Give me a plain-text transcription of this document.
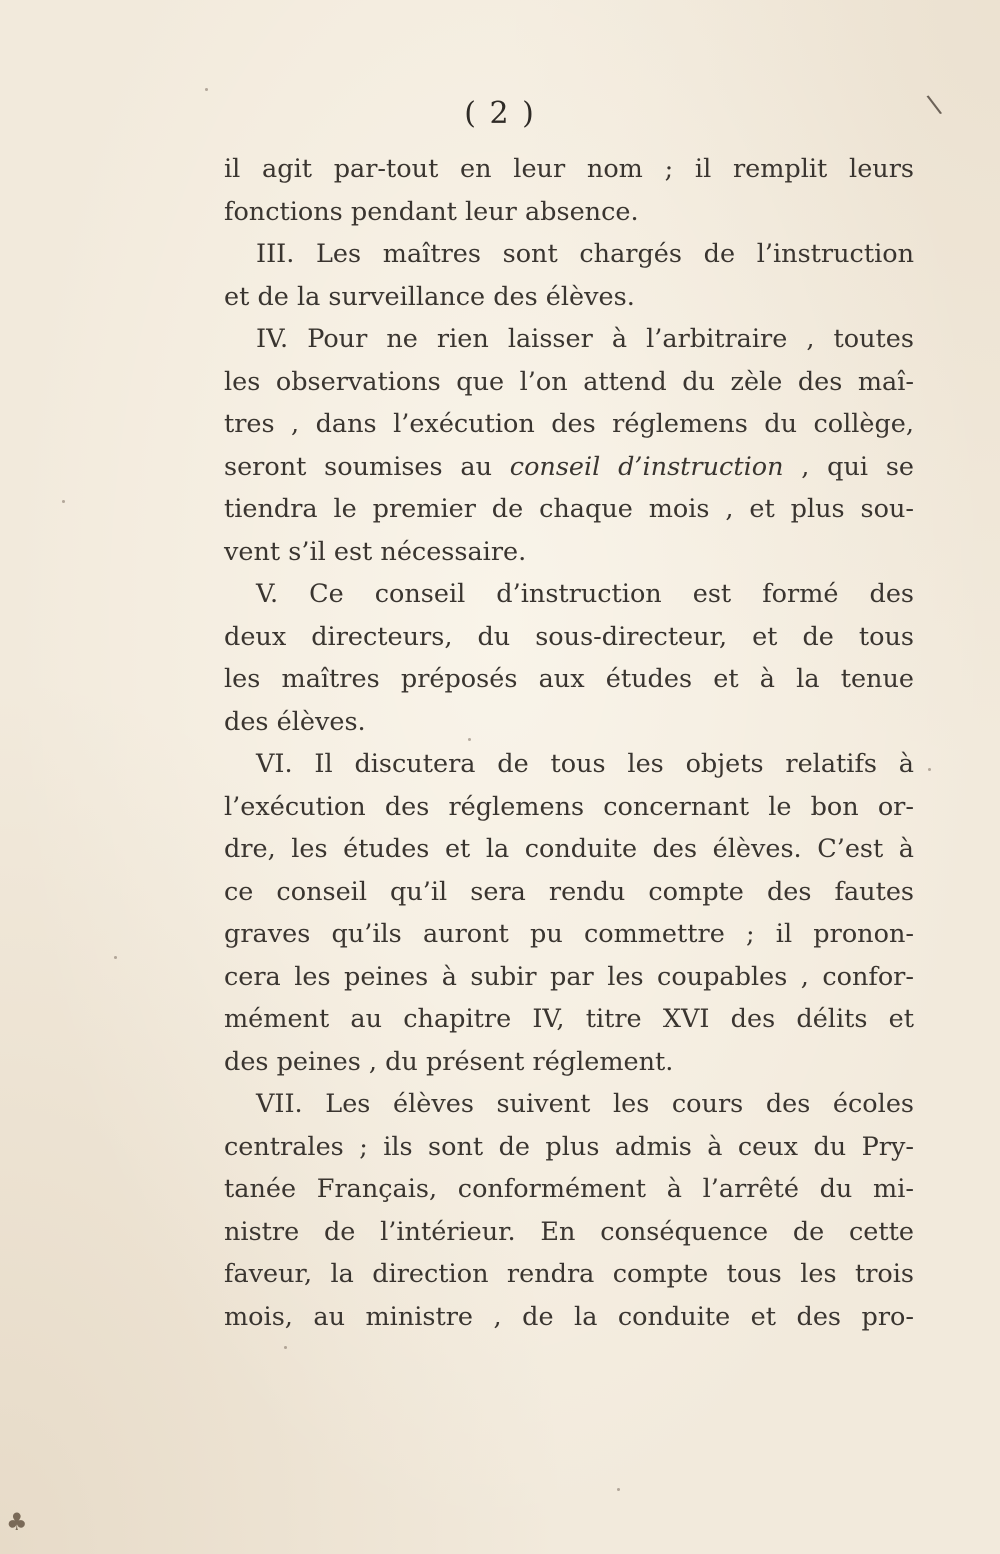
( 2 )
il agit par-tout en leur nom ; il remplit leurs
fonctions pendant leur absence.
III. Les maîtres sont chargés de l’instruction
et de la surveillance des élèves.
IV. Pour ne rien laisser à l’arbitraire , toutes
les observations que l’on attend du zèle des maî-
tres , dans l’exécution des réglemens du collège,
seront soumises au conseil d’instruction , qui se
tiendra le premier de chaque mois , et plus sou-
vent s’il est nécessaire.
V. Ce conseil d’instruction est formé des
deux directeurs, du sous-directeur, et de tous
les maîtres préposés aux études et à la tenue
des élèves.
VI. Il discutera de tous les objets relatifs à
l’exécution des réglemens concernant le bon or-
dre, les études et la conduite des élèves. C’est à
ce conseil qu’il sera rendu compte des fautes
graves qu’ils auront pu commettre ; il pronon-
cera les peines à subir par les coupables , confor-
mément au chapitre IV, titre XVI des délits et
des peines , du présent réglement.
VII. Les élèves suivent les cours des écoles
centrales ; ils sont de plus admis à ceux du Pry-
tanée Français, conformément à l’arrêté du mi-
nistre de l’intérieur. En conséquence de cette
faveur, la direction rendra compte tous les trois
mois, au ministre , de la conduite et des pro-
\
♣
